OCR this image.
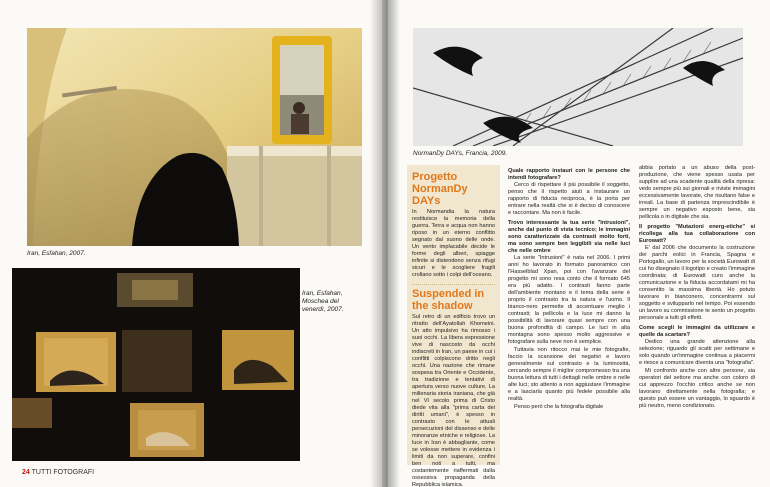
Iran, Esfahan, 2007.
Iran, Esfahan, Moschea del venerdì, 2007.
24 TUTTI FOTOGRAFI
NormanDy DAYs, Francia, 2009.
Progetto NormanDy DAYs
In Normandia la natura restituisce la memoria della guerra. Terra e acqua non hanno riposo in un eterno conflitto segnato dal suono delle onde. Un vento implacabile decide le forme degli alberi, spiagge infinite si distendono senza rifugi sicuri e le scogliere fragili crollano sotto i colpi dell'oceano.
Suspended in the shadow
Sul retro di un edificio trovo un ritratto dell'Ayatollah Khomeini. Un atto impulsivo ha rimosso i suoi occhi. La libera espressione vive di nascosto da occhi indiscreti in Iran, un paese in cui i conflitti colpiscono dritto negli occhi. Una nazione che rimane sospesa tra Oriente e Occidente, tra tradizione e tentativi di apertura verso nuove culture. La millenaria storia iraniana, che già nel VI secolo prima di Cristo diede vita alla "prima carta dei diritti umani", è spesso in contrasto con le attuali persecuzioni del dissenso e delle minoranze etniche e religiose. La luce in Iran è abbagliante, come se volesse mettere in evidenza i limiti da non superare, confini ben noti a tutti, ma costantemente riaffermati dalla ossessiva propaganda della Repubblica islamica.
Quale rapporto instauri con le persone che intendi fotografare?

Cerco di rispettare il più possibile il soggetto, penso che il rispetto aiuti a instaurare un rapporto di fiducia reciproca, è la porta per entrare nella realtà che si è deciso di conoscere e raccontare. Ma non è facile.

Trovo interessante la tua serie "Intrusioni", anche dal punto di vista tecnico; le immagini sono caratterizzate da contrasti molto forti, ma sono sempre ben leggibili sia nelle luci che nelle ombre

La serie "Intrusioni" è nata nel 2006. I primi anni ho lavorato in formato panoramico con l'Hasselblad Xpan, poi con l'avanzare del progetto mi sono resa conto che il formato 645 era più adatto. I contrasti fanno parte dell'ambiente montano e il tema della serie è proprio il contrasto tra la natura e l'uomo. Il bianco-nero permette di accentuare meglio i contrasti; la pellicola e la luce mi danno la possibilità di lavorare quasi sempre con una buona profondità di campo. Le luci in alta montagna sono spesso molto aggressive e fotografare sulla neve non è semplice.

Tuttavia non ritocco mai le mie fotografie, faccio la scansione dei negativi e lavoro generalmente sul contrasto e la luminosità, cercando sempre il miglior compromesso tra una buona lettura di tutti i dettagli nelle ombre e nelle alte luci; sto attento a non aggiustare l'immagine e a lasciarla quanto più fedele possibile alla realtà.

Penso però che la fotografia digitale

abbia portato a un abuso della post-produzione, che viene spesso usata per supplire ad una scadente qualità della ripresa: vedo sempre più sui giornali e riviste immagini eccessivamente lavorate, che risultano false e irreali. La base di partenza imprescindibile è sempre un negativo esposto bene, sia pellicola o in digitale che sia.

Il progetto "Mutazioni energ-etiche" si ricollega alla tua collaborazione con Eurowatt?

E' dal 2006 che documento la costruzione dei parchi eolici in Francia, Spagna e Portogallo, un lavoro per la società Eurowatt di cui ho disegnato il logotipo e creato l'immagine coordinata; di Eurowatt curo anche la comunicazione e la fiducia accordatami mi ha consentito la massima libertà. Ho potuto lavorare in bianconero, concentrarmi sul soggetto e svilupparlo nel tempo. Poi essendo un lavoro su commissione te sento un progetto personale a tutti gli effetti.

Come scegli le immagini da utilizzare e quelle da scartare?

Dedico una grande attenzione alla selezione; riguardo gli scatti per settimane e solo quando un'immagine continua a piacermi e riesce a comunicare diventa una "fotografia".

Mi confronto anche con altre persone, sia operatori del settore ma anche con coloro di cui apprezzo l'occhio critico anche se non lavorano direttamente nella fotografia; e questo può essere un vantaggio, lo sguardo è più neutro, meno condizionato.
